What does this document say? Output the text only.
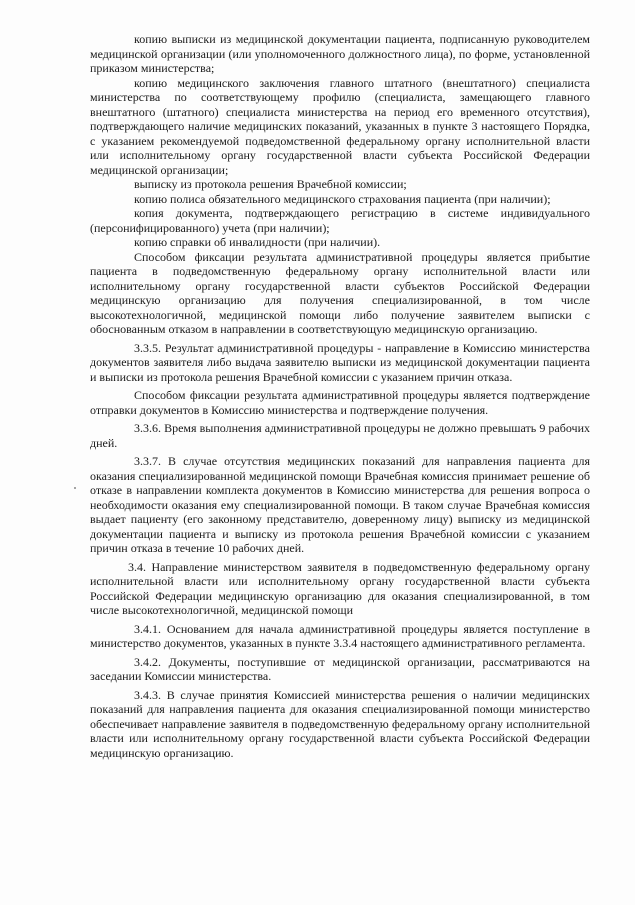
копию выписки из медицинской документации пациента, подписанную руководителем медицинской организации (или уполномоченного должностного лица), по форме, установленной приказом министерства;

копию медицинского заключения главного штатного (внештатного) специалиста министерства по соответствующему профилю (специалиста, замещающего главного внештатного (штатного) специалиста министерства на период его временного отсутствия), подтверждающего наличие медицинских показаний, указанных в пункте 3 настоящего Порядка, с указанием рекомендуемой подведомственной федеральному органу исполнительной власти или исполнительному органу государственной власти субъекта Российской Федерации медицинской организации;

выписку из протокола решения Врачебной комиссии;

копию полиса обязательного медицинского страхования пациента (при наличии);

копия документа, подтверждающего регистрацию в системе индивидуального (персонифицированного) учета (при наличии);

копию справки об инвалидности (при наличии).

Способом фиксации результата административной процедуры является прибытие пациента в подведомственную федеральному органу исполнительной власти или исполнительному органу государственной власти субъектов Российской Федерации медицинскую организацию для получения специализированной, в том числе высокотехнологичной, медицинской помощи либо получение заявителем выписки с обоснованным отказом в направлении в соответствующую медицинскую организацию.

3.3.5. Результат административной процедуры - направление в Комиссию министерства документов заявителя либо выдача заявителю выписки из медицинской документации пациента и выписки из протокола решения Врачебной комиссии с указанием причин отказа.

Способом фиксации результата административной процедуры является подтверждение отправки документов в Комиссию министерства и подтверждение получения.

3.3.6. Время выполнения административной процедуры не должно превышать 9 рабочих дней.

3.3.7. В случае отсутствия медицинских показаний для направления пациента для оказания специализированной медицинской помощи Врачебная комиссия принимает решение об отказе в направлении комплекта документов в Комиссию министерства для решения вопроса о необходимости оказания ему специализированной помощи. В таком случае Врачебная комиссия выдает пациенту (его законному представителю, доверенному лицу) выписку из медицинской документации пациента и выписку из протокола решения Врачебной комиссии с указанием причин отказа в течение 10 рабочих дней.

3.4. Направление министерством заявителя в подведомственную федеральному органу исполнительной власти или исполнительному органу государственной власти субъекта Российской Федерации медицинскую организацию для оказания специализированной, в том числе высокотехнологичной, медицинской помощи

3.4.1. Основанием для начала административной процедуры является поступление в министерство документов, указанных в пункте 3.3.4 настоящего административного регламента.

3.4.2. Документы, поступившие от медицинской организации, рассматриваются на заседании Комиссии министерства.

3.4.3. В случае принятия Комиссией министерства решения о наличии медицинских показаний для направления пациента для оказания специализированной помощи министерство обеспечивает направление заявителя в подведомственную федеральному органу исполнительной власти или исполнительному органу государственной власти субъекта Российской Федерации медицинскую организацию.
